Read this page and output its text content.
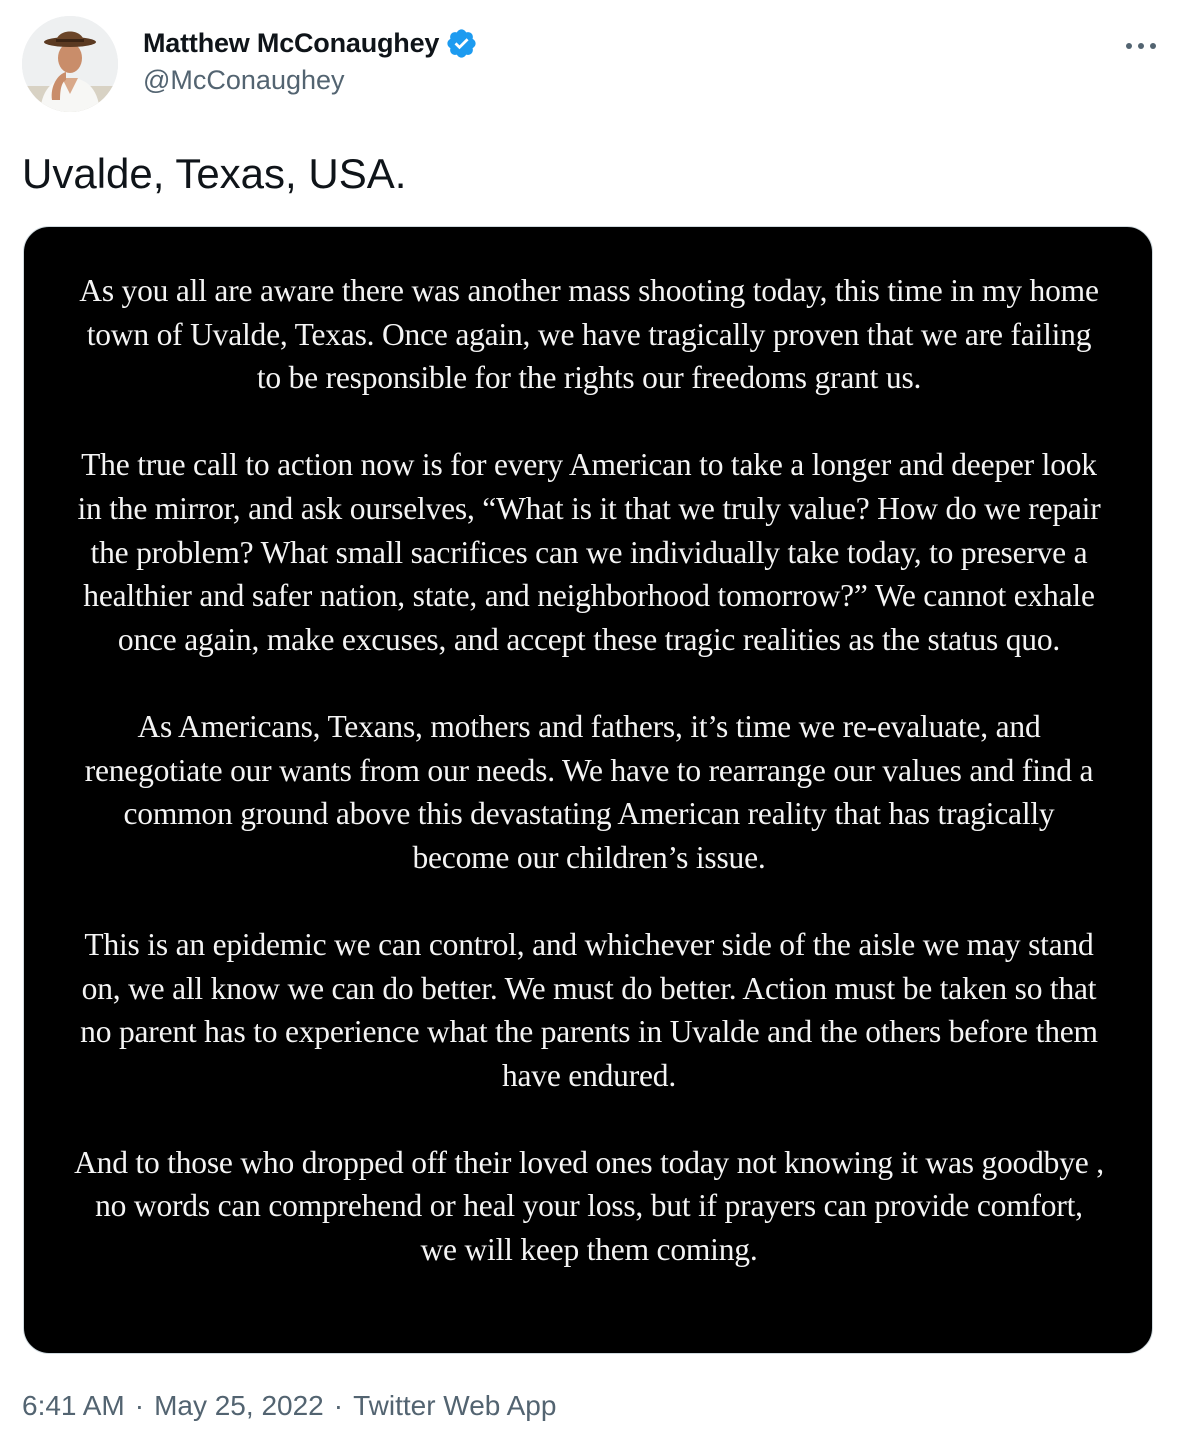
Matthew McConaughey
@McConaughey
Uvalde, Texas, USA.

As you all are aware there was another mass shooting today, this time in my home town of Uvalde, Texas. Once again, we have tragically proven that we are failing to be responsible for the rights our freedoms grant us.

The true call to action now is for every American to take a longer and deeper look in the mirror, and ask ourselves, “What is it that we truly value? How do we repair the problem? What small sacrifices can we individually take today, to preserve a healthier and safer nation, state, and neighborhood tomorrow?” We cannot exhale once again, make excuses, and accept these tragic realities as the status quo.

As Americans, Texans, mothers and fathers, it’s time we re-evaluate, and renegotiate our wants from our needs. We have to rearrange our values and find a common ground above this devastating American reality that has tragically become our children’s issue.

This is an epidemic we can control, and whichever side of the aisle we may stand on, we all know we can do better. We must do better. Action must be taken so that no parent has to experience what the parents in Uvalde and the others before them have endured.

And to those who dropped off their loved ones today not knowing it was goodbye , no words can comprehend or heal your loss, but if prayers can provide comfort, we will keep them coming.

6:41 AM · May 25, 2022 · Twitter Web App
